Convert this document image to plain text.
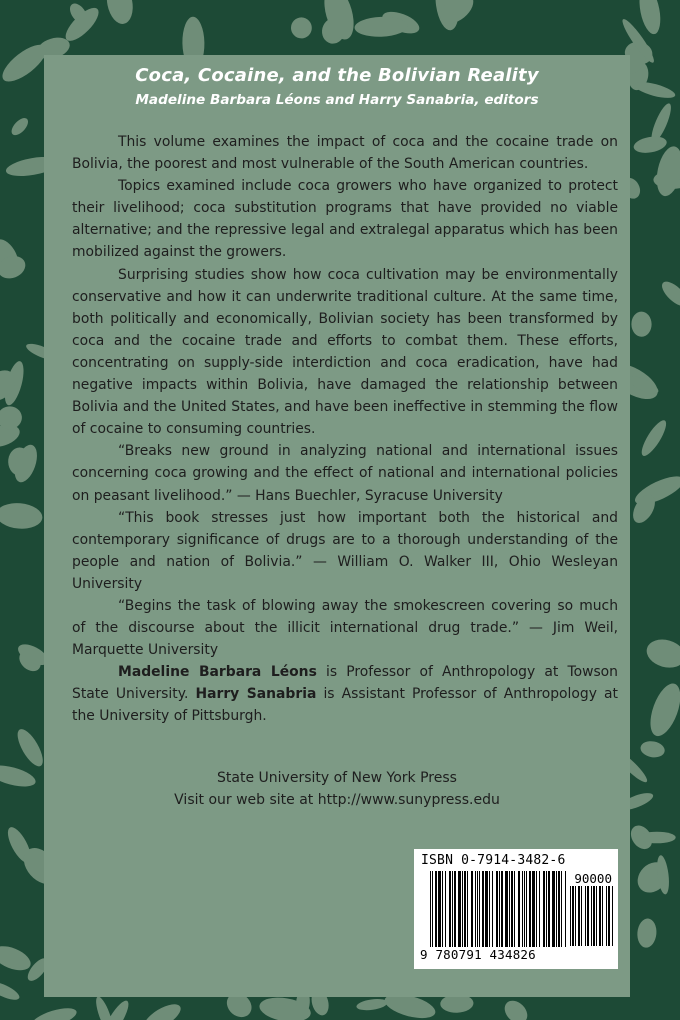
Coca, Cocaine, and the Bolivian Reality
Madeline Barbara Léons and Harry Sanabria, editors

This volume examines the impact of coca and the cocaine trade on Bolivia, the poorest and most vulnerable of the South American countries.

Topics examined include coca growers who have organized to protect their livelihood; coca substitution programs that have provided no viable alternative; and the repressive legal and extralegal apparatus which has been mobilized against the growers.

Surprising studies show how coca cultivation may be environmentally conservative and how it can underwrite traditional culture. At the same time, both politically and economically, Bolivian society has been transformed by coca and the cocaine trade and efforts to combat them. These efforts, concentrating on supply-side interdiction and coca eradication, have had negative impacts within Bolivia, have damaged the relationship between Bolivia and the United States, and have been ineffective in stemming the flow of cocaine to consuming countries.

“Breaks new ground in analyzing national and international issues concerning coca growing and the effect of national and international policies on peasant livelihood.” — Hans Buechler, Syracuse University

“This book stresses just how important both the historical and contemporary significance of drugs are to a thorough understanding of the people and nation of Bolivia.” — William O. Walker III, Ohio Wesleyan University

“Begins the task of blowing away the smokescreen covering so much of the discourse about the illicit international drug trade.” — Jim Weil, Marquette University

Madeline Barbara Léons is Professor of Anthropology at Towson State University. Harry Sanabria is Assistant Professor of Anthropology at the University of Pittsburgh.

State University of New York Press
Visit our web site at http://www.sunypress.edu
ISBN 0-7914-3482-6
90000
9 780791 434826
